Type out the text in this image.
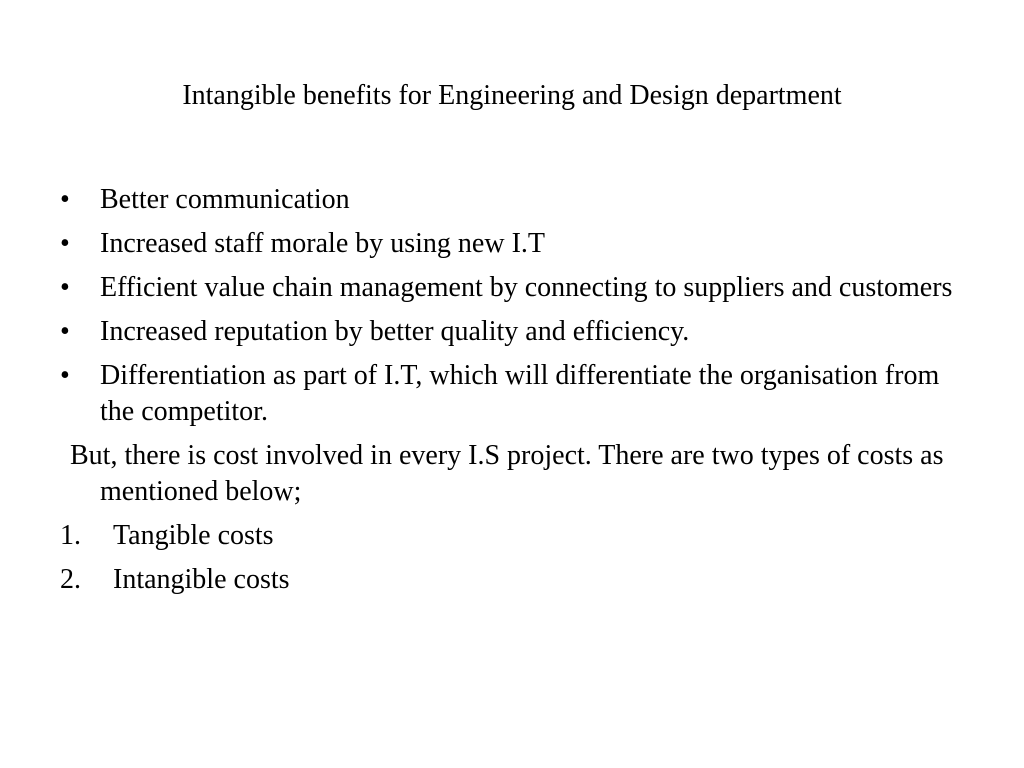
Intangible benefits for Engineering and Design department
•	Better communication
•	Increased staff morale by using new I.T
•	Efficient value chain management by connecting to suppliers and customers
•	Increased reputation by better quality and efficiency.
•	Differentiation as part of I.T, which will differentiate the organisation from the competitor.

But, there is cost involved in every I.S project. There are two types of costs as mentioned below;

1.	Tangible costs
2.	Intangible costs
